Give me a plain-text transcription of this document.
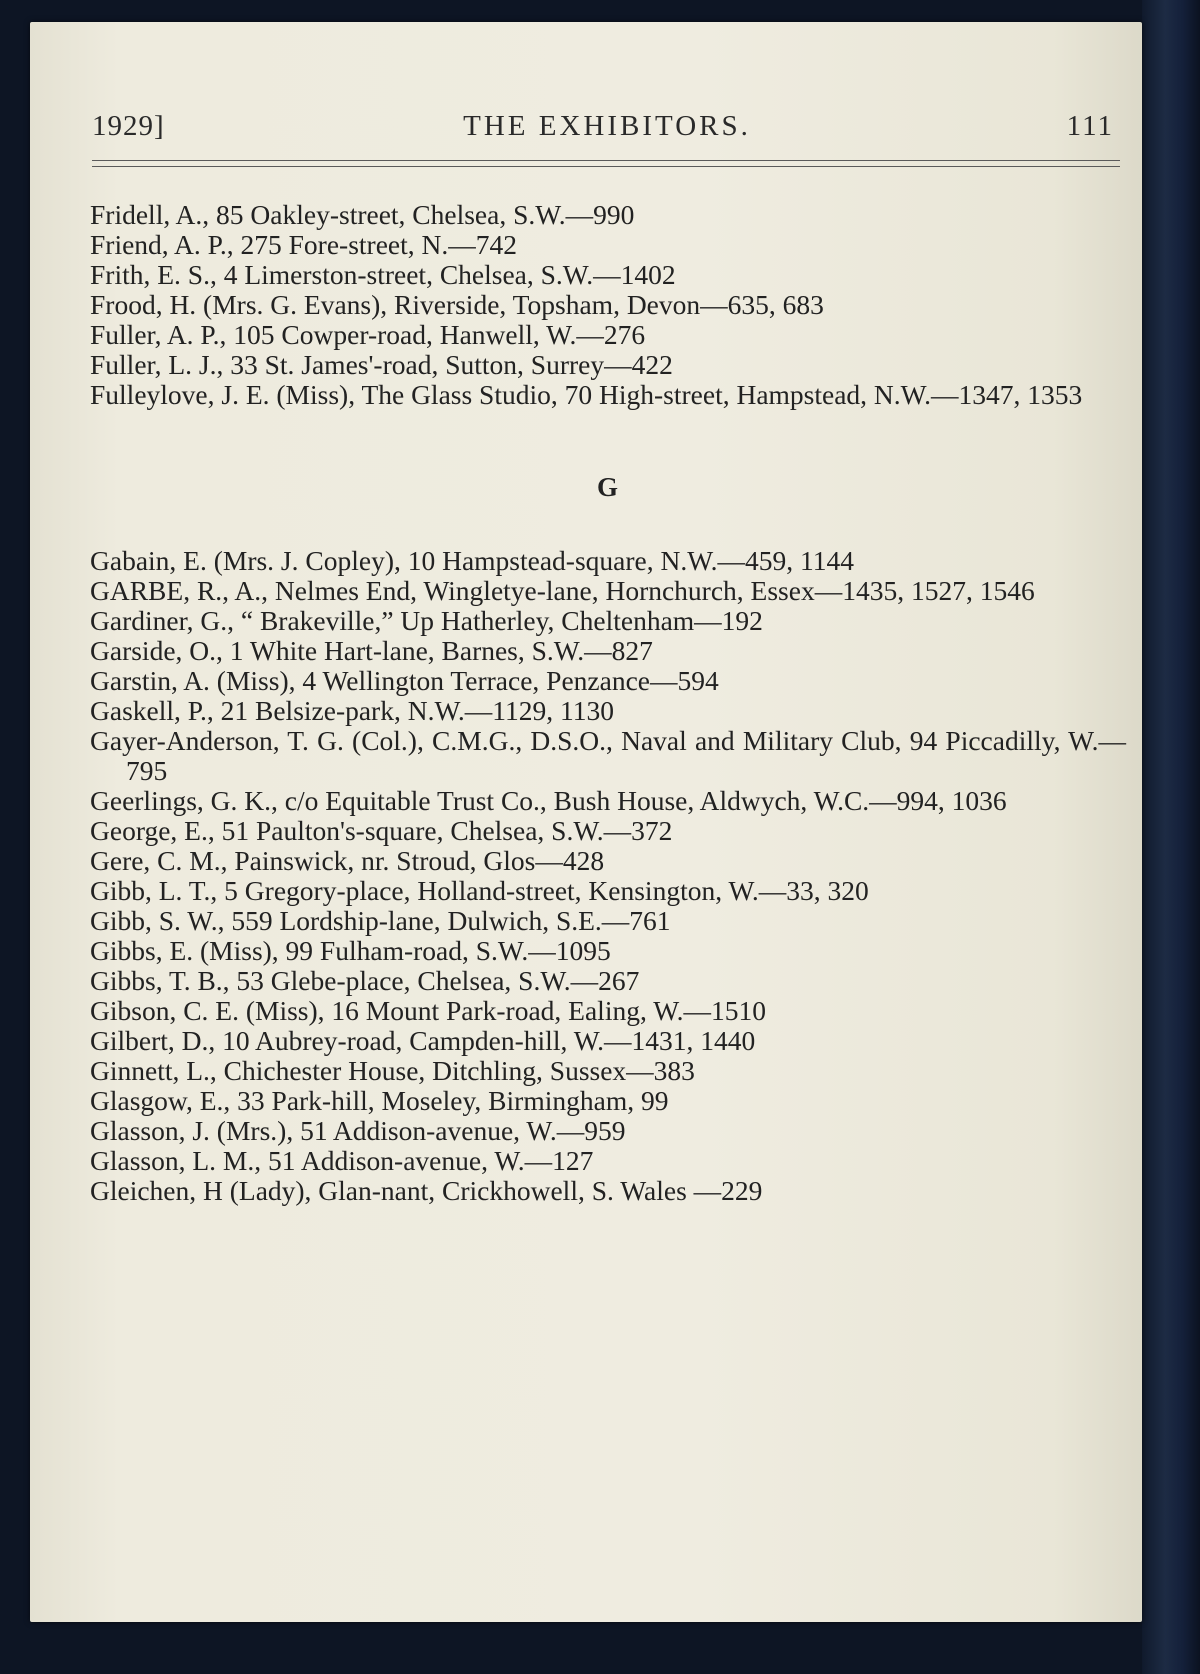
1929]	THE EXHIBITORS.	111

Fridell, A., 85 Oakley-street, Chelsea, S.W.—990

Friend, A. P., 275 Fore-street, N.—742

Frith, E. S., 4 Limerston-street, Chelsea, S.W.—1402

Frood, H. (Mrs. G. Evans), Riverside, Topsham, Devon—635, 683

Fuller, A. P., 105 Cowper-road, Hanwell, W.—276

Fuller, L. J., 33 St. James'-road, Sutton, Surrey—422

Fulleylove, J. E. (Miss), The Glass Studio, 70 High-street, Hampstead, N.W.—1347, 1353

G

Gabain, E. (Mrs. J. Copley), 10 Hampstead-square, N.W.—459, 1144

GARBE, R., A., Nelmes End, Wingletye-lane, Hornchurch, Essex—1435, 1527, 1546

Gardiner, G., “ Brakeville,” Up Hatherley, Cheltenham—192

Garside, O., 1 White Hart-lane, Barnes, S.W.—827

Garstin, A. (Miss), 4 Wellington Terrace, Penzance—594

Gaskell, P., 21 Belsize-park, N.W.—1129, 1130

Gayer-Anderson, T. G. (Col.), C.M.G., D.S.O., Naval and Military Club, 94 Piccadilly, W.—795

Geerlings, G. K., c/o Equitable Trust Co., Bush House, Aldwych, W.C.—994, 1036

George, E., 51 Paulton's-square, Chelsea, S.W.—372

Gere, C. M., Painswick, nr. Stroud, Glos—428

Gibb, L. T., 5 Gregory-place, Holland-street, Kensington, W.—33, 320

Gibb, S. W., 559 Lordship-lane, Dulwich, S.E.—761

Gibbs, E. (Miss), 99 Fulham-road, S.W.—1095

Gibbs, T. B., 53 Glebe-place, Chelsea, S.W.—267

Gibson, C. E. (Miss), 16 Mount Park-road, Ealing, W.—1510

Gilbert, D., 10 Aubrey-road, Campden-hill, W.—1431, 1440

Ginnett, L., Chichester House, Ditchling, Sussex—383

Glasgow, E., 33 Park-hill, Moseley, Birmingham, 99

Glasson, J. (Mrs.), 51 Addison-avenue, W.—959

Glasson, L. M., 51 Addison-avenue, W.—127

Gleichen, H (Lady), Glan-nant, Crickhowell, S. Wales —229
